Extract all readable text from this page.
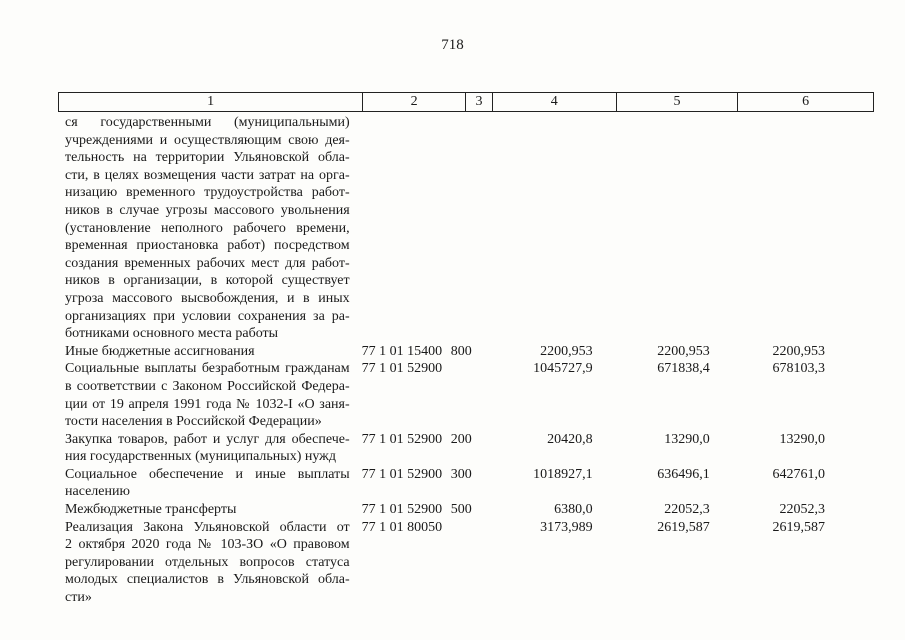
718
1	2	3	4	5	6
ся государственными (муниципальными)
учреждениями и осуществляющим свою дея-
тельность на территории Ульяновской обла-
сти, в целях возмещения части затрат на орга-
низацию временного трудоустройства работ-
ников в случае угрозы массового увольнения
(установление неполного рабочего времени,
временная приостановка работ) посредством
создания временных рабочих мест для работ-
ников в организации, в которой существует
угроза массового высвобождения, и в иных
организациях при условии сохранения за ра-
ботниками основного места работы
Иные бюджетные ассигнования	77 1 01 15400 800	2200,953	2200,953	2200,953
Социальные выплаты безработным гражданам
в соответствии с Законом Российской Федера-
ции от 19 апреля 1991 года № 1032-I «О заня-
тости населения в Российской Федерации»
77 1 01 52900	1045727,9	671838,4	678103,3
Закупка товаров, работ и услуг для обеспече-
ния государственных (муниципальных) нужд
77 1 01 52900 200	20420,8	13290,0	13290,0
Социальное обеспечение и иные выплаты
населению
77 1 01 52900 300	1018927,1	636496,1	642761,0
Межбюджетные трансферты	77 1 01 52900 500	6380,0	22052,3	22052,3
Реализация Закона Ульяновской области от
2 октября 2020 года № 103-ЗО «О правовом
регулировании отдельных вопросов статуса
молодых специалистов в Ульяновской обла-
сти»
77 1 01 80050	3173,989	2619,587	2619,587
